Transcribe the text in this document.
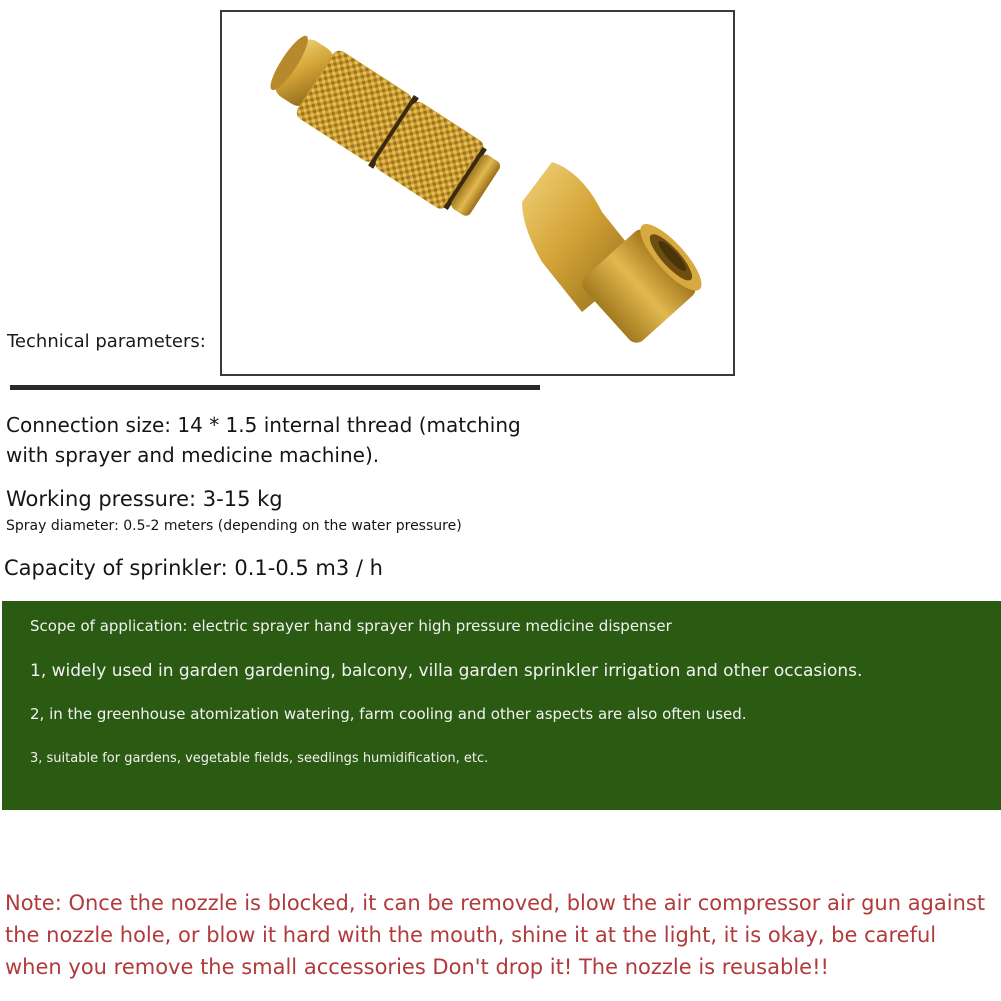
Technical parameters:

Connection size: 14 * 1.5 internal thread (matching with sprayer and medicine machine).

Working pressure: 3-15 kg

Spray diameter: 0.5-2 meters (depending on the water pressure)

Capacity of sprinkler: 0.1-0.5 m3 / h

Scope of application: electric sprayer hand sprayer high pressure medicine dispenser

1, widely used in garden gardening, balcony, villa garden sprinkler irrigation and other occasions.

2, in the greenhouse atomization watering, farm cooling and other aspects are also often used.

3, suitable for gardens, vegetable fields, seedlings humidification, etc.

Note: Once the nozzle is blocked, it can be removed, blow the air compressor air gun against the nozzle hole, or blow it hard with the mouth, shine it at the light, it is okay, be careful when you remove the small accessories Don't drop it! The nozzle is reusable!!
